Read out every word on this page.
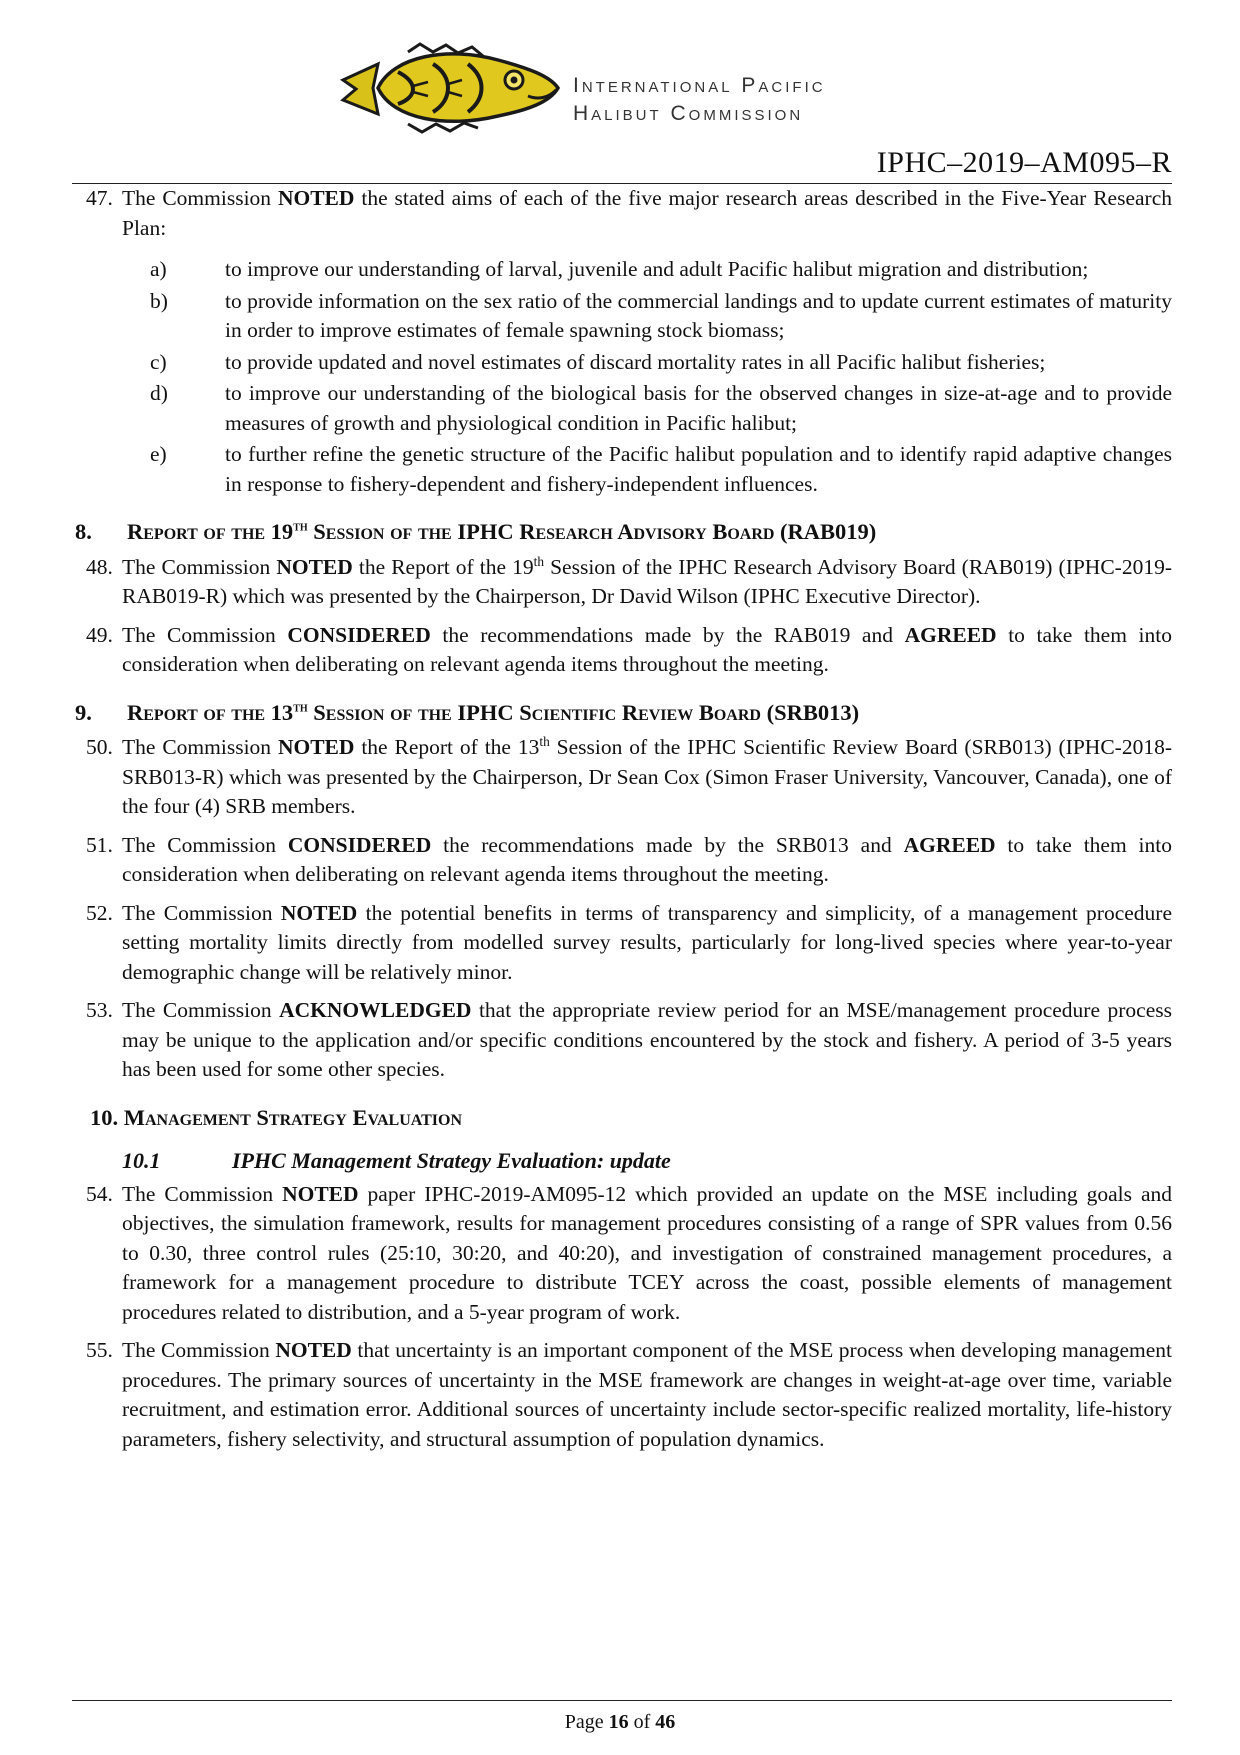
International Pacific
Halibut Commission
IPHC–2019–AM095–R
47. The Commission NOTED the stated aims of each of the five major research areas described in the Five-Year Research Plan:
a)	to improve our understanding of larval, juvenile and adult Pacific halibut migration and distribution;
b)	to provide information on the sex ratio of the commercial landings and to update current estimates of maturity in order to improve estimates of female spawning stock biomass;
c)	to provide updated and novel estimates of discard mortality rates in all Pacific halibut fisheries;
d)	to improve our understanding of the biological basis for the observed changes in size-at-age and to provide measures of growth and physiological condition in Pacific halibut;
e)	to further refine the genetic structure of the Pacific halibut population and to identify rapid adaptive changes in response to fishery-dependent and fishery-independent influences.
8. Report of the 19th Session of the IPHC Research Advisory Board (RAB019)
48. The Commission NOTED the Report of the 19th Session of the IPHC Research Advisory Board (RAB019) (IPHC-2019-RAB019-R) which was presented by the Chairperson, Dr David Wilson (IPHC Executive Director).
49. The Commission CONSIDERED the recommendations made by the RAB019 and AGREED to take them into consideration when deliberating on relevant agenda items throughout the meeting.
9. Report of the 13th Session of the IPHC Scientific Review Board (SRB013)
50. The Commission NOTED the Report of the 13th Session of the IPHC Scientific Review Board (SRB013) (IPHC-2018-SRB013-R) which was presented by the Chairperson, Dr Sean Cox (Simon Fraser University, Vancouver, Canada), one of the four (4) SRB members.
51. The Commission CONSIDERED the recommendations made by the SRB013 and AGREED to take them into consideration when deliberating on relevant agenda items throughout the meeting.
52. The Commission NOTED the potential benefits in terms of transparency and simplicity, of a management procedure setting mortality limits directly from modelled survey results, particularly for long-lived species where year-to-year demographic change will be relatively minor.
53. The Commission ACKNOWLEDGED that the appropriate review period for an MSE/management procedure process may be unique to the application and/or specific conditions encountered by the stock and fishery. A period of 3-5 years has been used for some other species.
10. Management Strategy Evaluation
10.1	IPHC Management Strategy Evaluation: update
54. The Commission NOTED paper IPHC-2019-AM095-12 which provided an update on the MSE including goals and objectives, the simulation framework, results for management procedures consisting of a range of SPR values from 0.56 to 0.30, three control rules (25:10, 30:20, and 40:20), and investigation of constrained management procedures, a framework for a management procedure to distribute TCEY across the coast, possible elements of management procedures related to distribution, and a 5-year program of work.
55. The Commission NOTED that uncertainty is an important component of the MSE process when developing management procedures. The primary sources of uncertainty in the MSE framework are changes in weight-at-age over time, variable recruitment, and estimation error. Additional sources of uncertainty include sector-specific realized mortality, life-history parameters, fishery selectivity, and structural assumption of population dynamics.
Page 16 of 46
